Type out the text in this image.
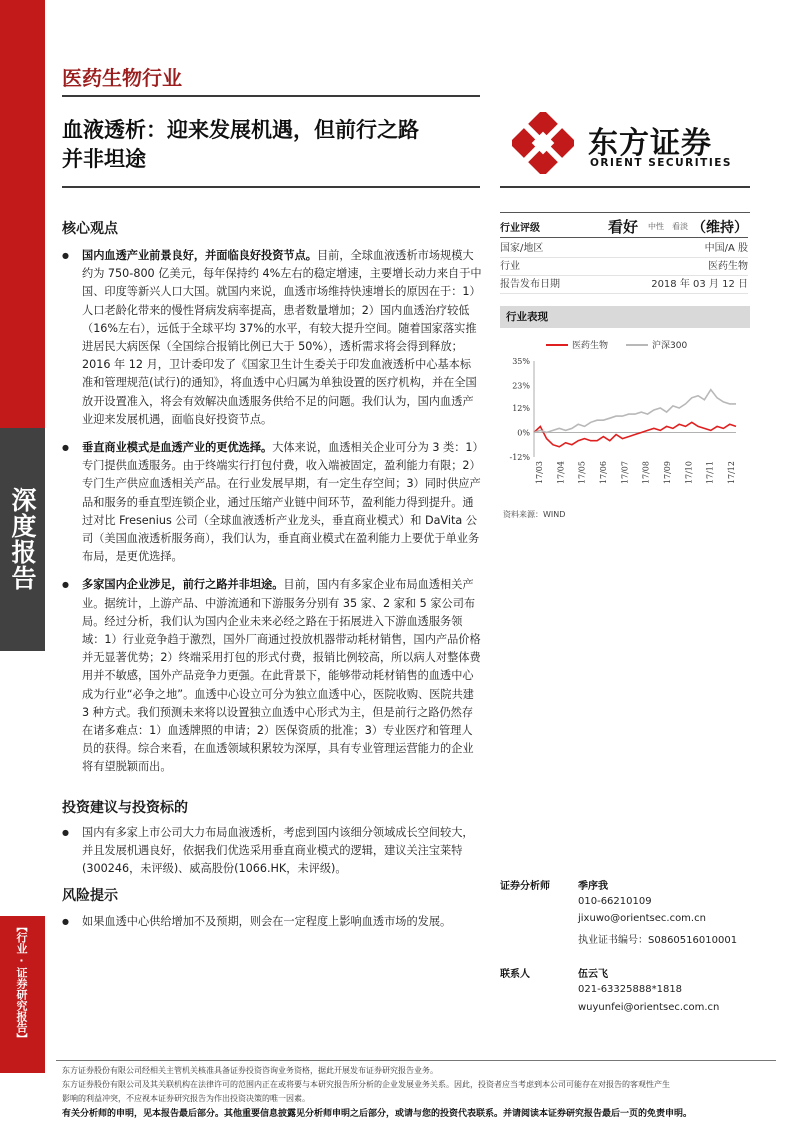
深度报告
【行业·证券研究报告】
医药生物行业
血液透析：迎来发展机遇，但前行之路
并非坦途	东方证券
ORIENT SECURITIES
核心观点
● 国内血透产业前景良好，并面临良好投资节点。目前，全球血液透析市场规模大约为 750-800 亿美元，每年保持约 4%左右的稳定增速，主要增长动力来自于中国、印度等新兴人口大国。就国内来说，血透市场维持快速增长的原因在于：1）人口老龄化带来的慢性肾病发病率提高，患者数量增加；2）国内血透治疗较低（16%左右），远低于全球平均 37%的水平，有较大提升空间。随着国家落实推进居民大病医保（全国综合报销比例已大于 50%），透析需求将会得到释放；2016 年 12 月，卫计委印发了《国家卫生计生委关于印发血液透析中心基本标准和管理规范(试行)的通知》，将血透中心归属为单独设置的医疗机构，并在全国放开设置准入，将会有效解决血透服务供给不足的问题。我们认为，国内血透产业迎来发展机遇，面临良好投资节点。
● 垂直商业模式是血透产业的更优选择。大体来说，血透相关企业可分为 3 类：1）专门提供血透服务。由于终端实行打包付费，收入端被固定，盈利能力有限；2）专门生产供应血透相关产品。在行业发展早期，有一定生存空间；3）同时供应产品和服务的垂直型连锁企业，通过压缩产业链中间环节，盈利能力得到提升。通过对比 Fresenius 公司（全球血液透析产业龙头，垂直商业模式）和 DaVita 公司（美国血液透析服务商），我们认为，垂直商业模式在盈利能力上要优于单业务布局，是更优选择。
● 多家国内企业涉足，前行之路并非坦途。目前，国内有多家企业布局血透相关产业。据统计，上游产品、中游流通和下游服务分别有 35 家、2 家和 5 家公司布局。经过分析，我们认为国内企业未来必经之路在于拓展进入下游血透服务领域：1）行业竞争趋于激烈，国外厂商通过投放机器带动耗材销售，国内产品价格并无显著优势；2）终端采用打包的形式付费，报销比例较高，所以病人对整体费用并不敏感，国外产品竞争力更强。在此背景下，能够带动耗材销售的血透中心成为行业“必争之地”。血透中心设立可分为独立血透中心，医院收购、医院共建 3 种方式。我们预测未来将以设置独立血透中心形式为主，但是前行之路仍然存在诸多难点：1）血透牌照的申请；2）医保资质的批准；3）专业医疗和管理人员的获得。综合来看，在血透领域积累较为深厚，具有专业管理运营能力的企业将有望脱颖而出。
投资建议与投资标的
● 国内有多家上市公司大力布局血液透析，考虑到国内该细分领域成长空间较大，并且发展机遇良好，依据我们优选采用垂直商业模式的逻辑，建议关注宝莱特(300246，未评级)、威高股份(1066.HK，未评级)。
风险提示
● 如果血透中心供给增加不及预期，则会在一定程度上影响血透市场的发展。
行业评级	看好 中性 看淡 （维持）
国家/地区	中国/A 股
行业	医药生物
报告发布日期	2018 年 03 月 12 日
行业表现
医药生物	沪深300
35%
23%
12%
0%
-12%
17/03 17/04 17/05 17/06 17/07 17/08 17/09 17/10 17/11 17/12
资料来源：WIND
证券分析师	季序我
010-66210109
jixuwo@orientsec.com.cn
执业证书编号：S0860516010001
联系人	伍云飞
021-63325888*1818
wuyunfei@orientsec.com.cn
东方证券股份有限公司经相关主管机关核准具备证券投资咨询业务资格，据此开展发布证券研究报告业务。
东方证券股份有限公司及其关联机构在法律许可的范围内正在或将要与本研究报告所分析的企业发展业务关系。因此，投资者应当考虑到本公司可能存在对报告的客观性产生
影响的利益冲突，不应视本证券研究报告为作出投资决策的唯一因素。
有关分析师的申明，见本报告最后部分。其他重要信息披露见分析师申明之后部分，或请与您的投资代表联系。并请阅读本证券研究报告最后一页的免责申明。
